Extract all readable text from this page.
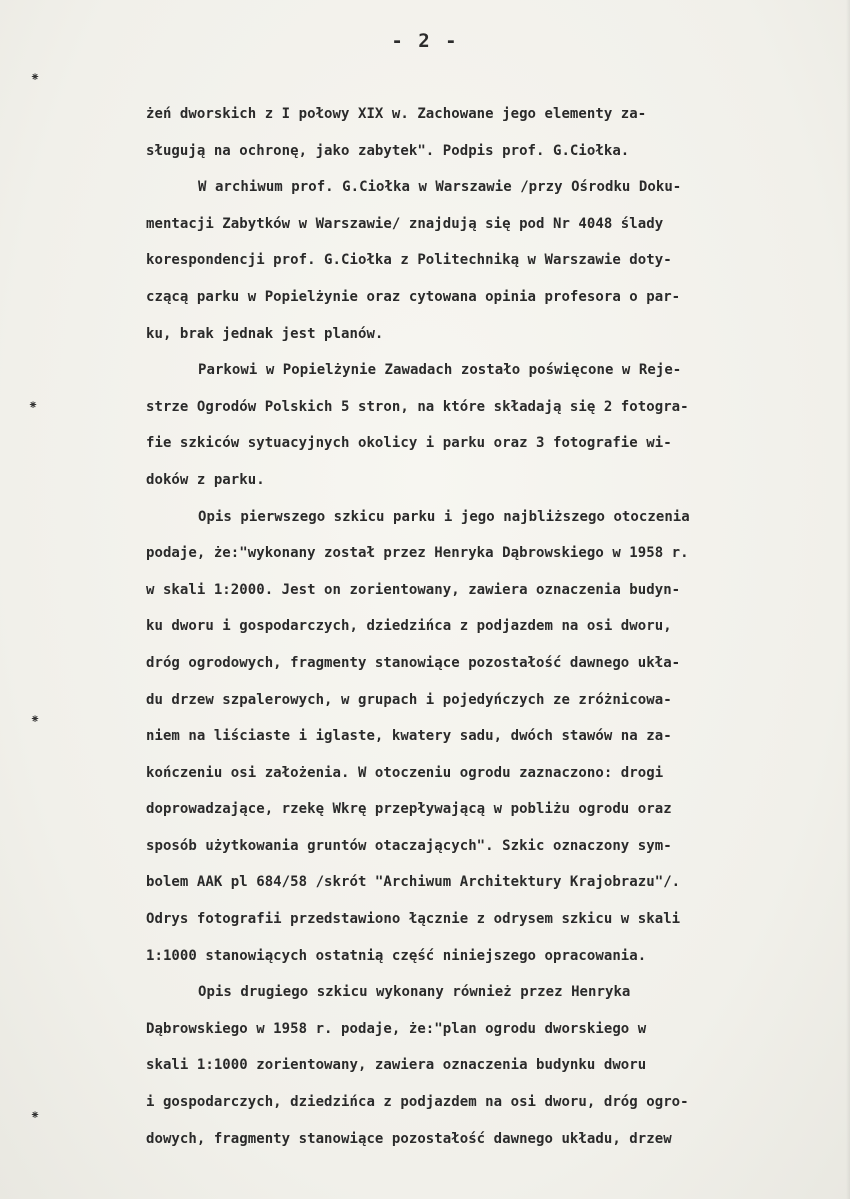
- 2 -
⁕
⁕
⁕
⁕
żeń dworskich z I połowy XIX w. Zachowane jego elementy za-
sługują na ochronę, jako zabytek". Podpis prof. G.Ciołka.
W archiwum prof. G.Ciołka w Warszawie /przy Ośrodku Doku-
mentacji Zabytków w Warszawie/ znajdują się pod Nr 4048 ślady
korespondencji prof. G.Ciołka z Politechniką w Warszawie doty-
czącą parku w Popielżynie oraz cytowana opinia profesora o par-
ku, brak jednak jest planów.
Parkowi w Popielżynie Zawadach zostało poświęcone w Reje-
strze Ogrodów Polskich 5 stron, na które składają się 2 fotogra-
fie szkiców sytuacyjnych okolicy i parku oraz 3 fotografie wi-
doków z parku.
Opis pierwszego szkicu parku i jego najbliższego otoczenia
podaje, że:"wykonany został przez Henryka Dąbrowskiego w 1958 r.
w skali 1:2000. Jest on zorientowany, zawiera oznaczenia budyn-
ku dworu i gospodarczych, dziedzińca z podjazdem na osi dworu,
dróg ogrodowych, fragmenty stanowiące pozostałość dawnego ukła-
du drzew szpalerowych, w grupach i pojedyńczych ze zróżnicowa-
niem na liściaste i iglaste, kwatery sadu, dwóch stawów na za-
kończeniu osi założenia. W otoczeniu ogrodu zaznaczono: drogi
doprowadzające, rzekę Wkrę przepływającą w pobliżu ogrodu oraz
sposób użytkowania gruntów otaczających". Szkic oznaczony sym-
bolem AAK pl 684/58 /skrót "Archiwum Architektury Krajobrazu"/.
Odrys fotografii przedstawiono łącznie z odrysem szkicu w skali
1:1000 stanowiących ostatnią część niniejszego opracowania.
Opis drugiego szkicu wykonany również przez Henryka
Dąbrowskiego w 1958 r. podaje, że:"plan ogrodu dworskiego w
skali 1:1000 zorientowany, zawiera oznaczenia budynku dworu
i gospodarczych, dziedzińca z podjazdem na osi dworu, dróg ogro-
dowych, fragmenty stanowiące pozostałość dawnego układu, drzew
